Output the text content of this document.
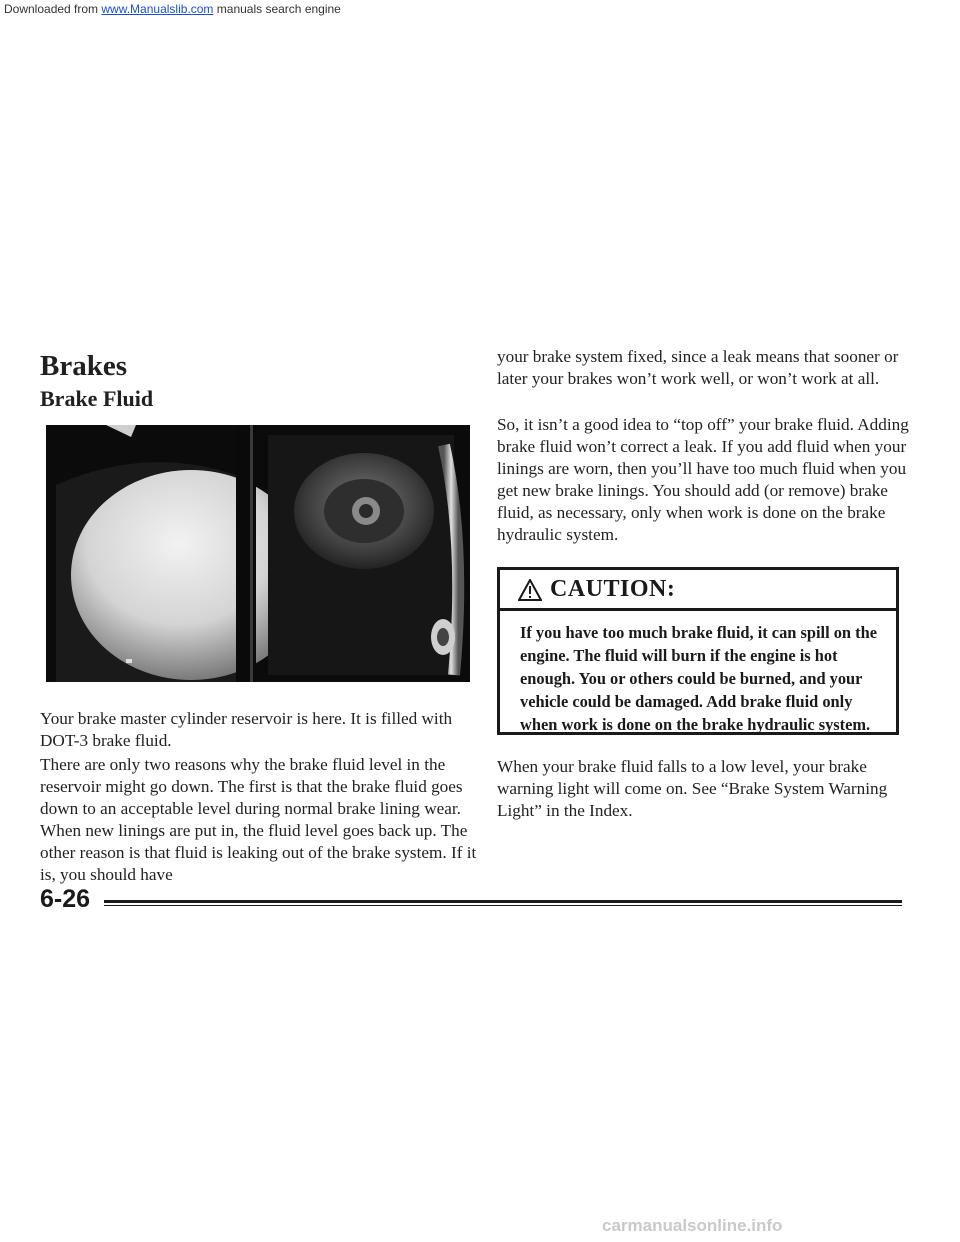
Downloaded from www.Manualslib.com manuals search engine
Brakes
Brake Fluid

Your brake master cylinder reservoir is here. It is filled with DOT-3 brake fluid.

There are only two reasons why the brake fluid level in the reservoir might go down. The first is that the brake fluid goes down to an acceptable level during normal brake lining wear. When new linings are put in, the fluid level goes back up. The other reason is that fluid is leaking out of the brake system. If it is, you should have

your brake system fixed, since a leak means that sooner or later your brakes won’t work well, or won’t work at all.

So, it isn’t a good idea to “top off” your brake fluid. Adding brake fluid won’t correct a leak. If you add fluid when your linings are worn, then you’ll have too much fluid when you get new brake linings. You should add (or remove) brake fluid, as necessary, only when work is done on the brake hydraulic system.

CAUTION:

If you have too much brake fluid, it can spill on the engine. The fluid will burn if the engine is hot enough. You or others could be burned, and your vehicle could be damaged. Add brake fluid only when work is done on the brake hydraulic system.

When your brake fluid falls to a low level, your brake warning light will come on. See “Brake System Warning Light” in the Index.

6-26
carmanualsonline.info
